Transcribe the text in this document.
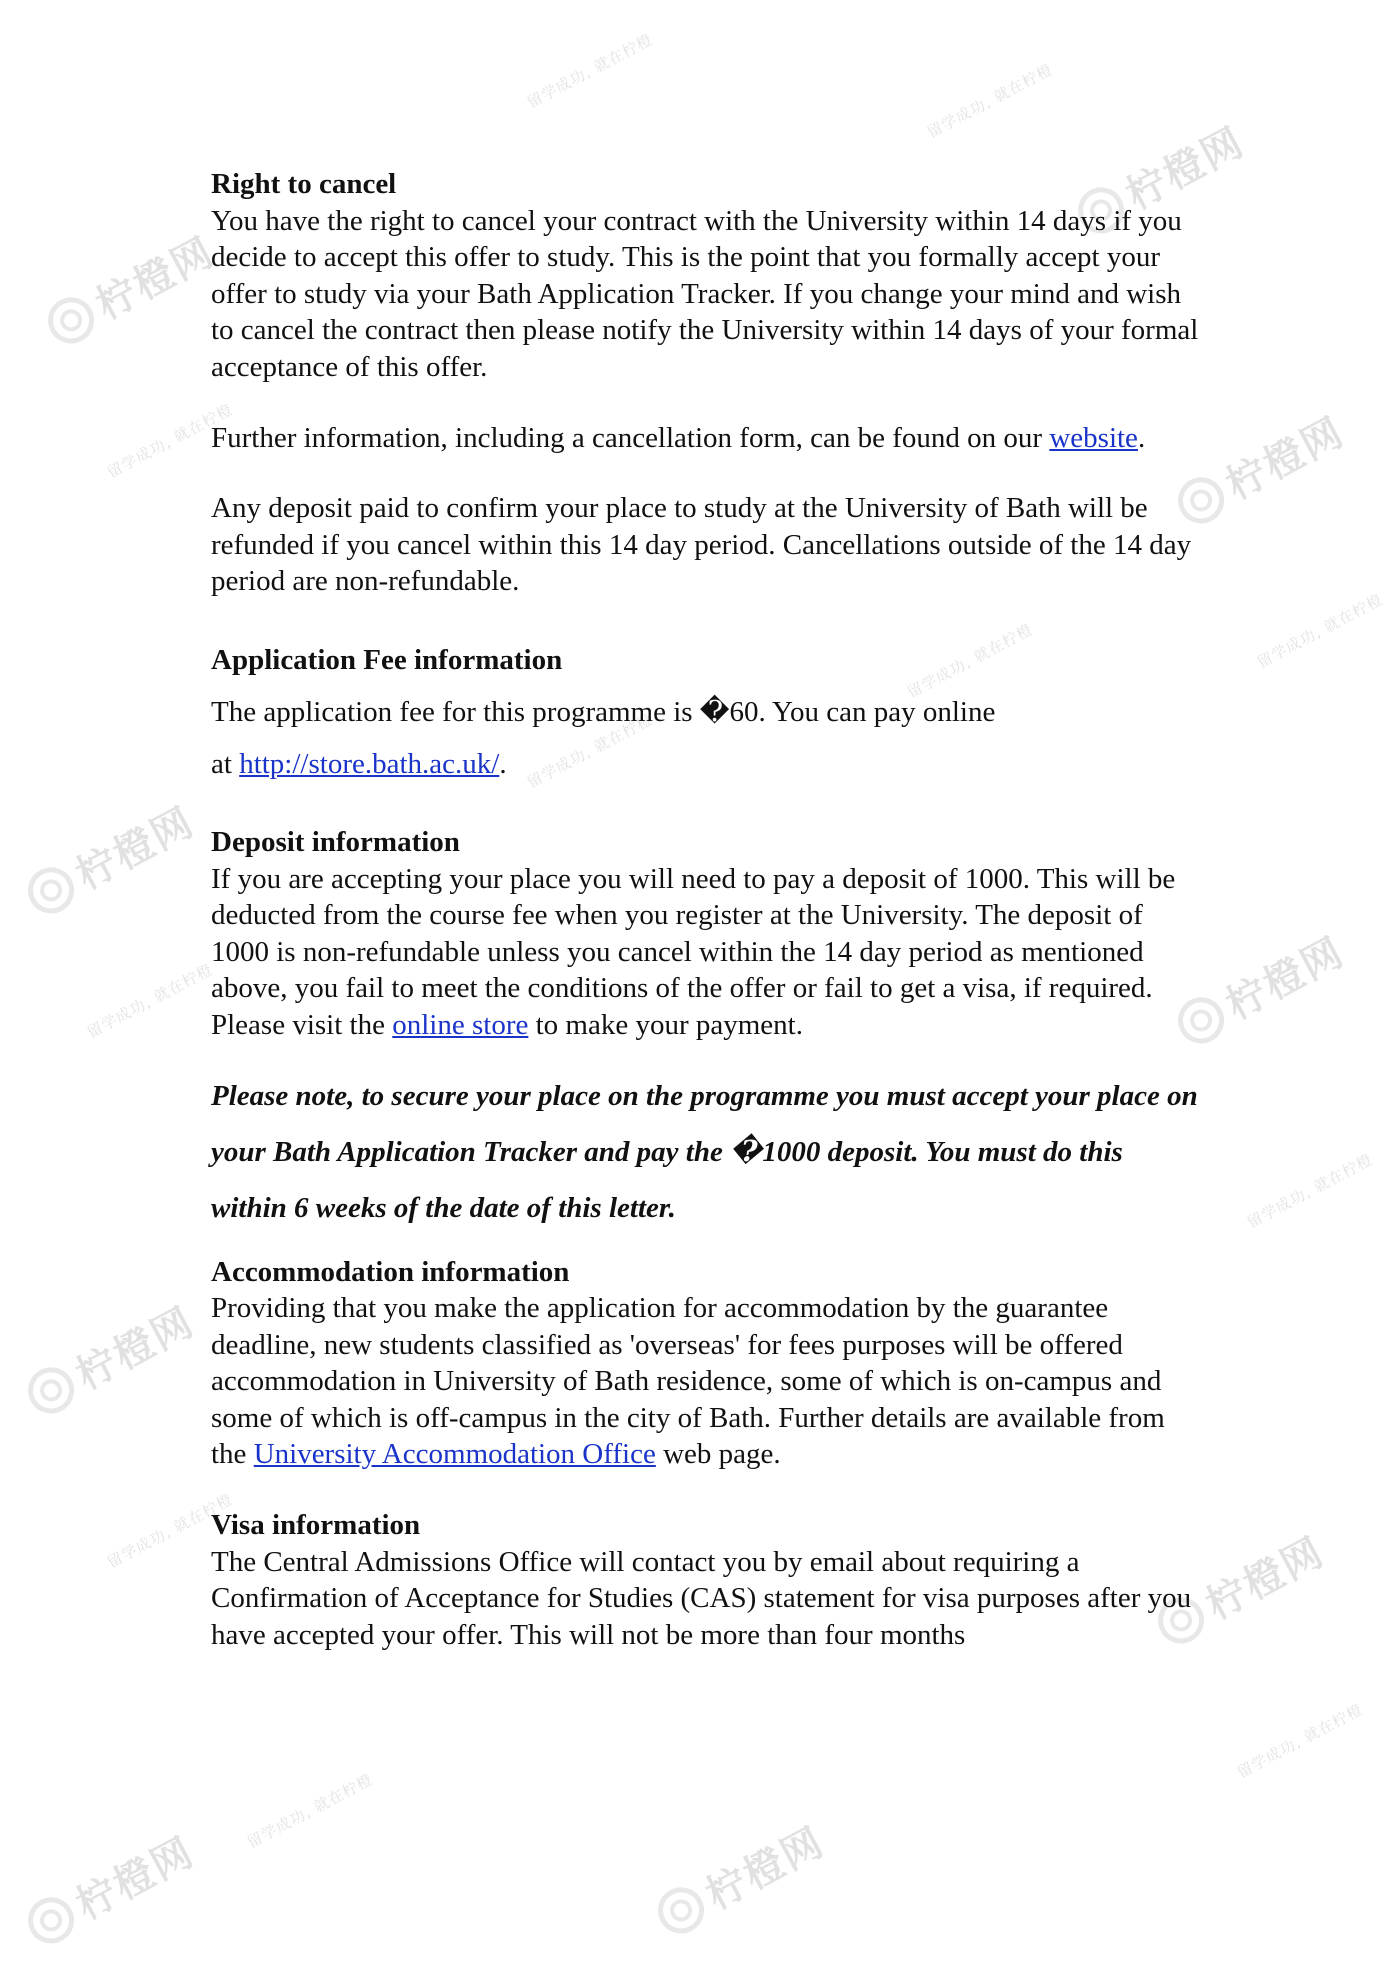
柠橙网
柠橙网
柠橙网
柠橙网
柠橙网
柠橙网
柠橙网
柠橙网
柠橙网
留学成功, 就在柠橙	留学成功, 就在柠橙
留学成功, 就在柠橙
留学成功, 就在柠橙
留学成功, 就在柠橙
留学成功, 就在柠橙
留学成功, 就在柠橙
留学成功, 就在柠橙
留学成功, 就在柠橙
留学成功, 就在柠橙
留学成功, 就在柠橙
Right to cancel

You have the right to cancel your contract with the University within 14 days if you decide to accept this offer to study. This is the point that you formally accept your offer to study via your Bath Application Tracker. If you change your mind and wish to cancel the contract then please notify the University within 14 days of your formal acceptance of this offer.

Further information, including a cancellation form, can be found on our website.

Any deposit paid to confirm your place to study at the University of Bath will be refunded if you cancel within this 14 day period. Cancellations outside of the 14 day period are non-refundable.

Application Fee information

The application fee for this programme is �60. You can pay online

at http://store.bath.ac.uk/.

Deposit information

If you are accepting your place you will need to pay a deposit of 1000. This will be deducted from the course fee when you register at the University. The deposit of 1000 is non-refundable unless you cancel within the 14 day period as mentioned above, you fail to meet the conditions of the offer or fail to get a visa, if required. Please visit the online store to make your payment.

Please note, to secure your place on the programme you must accept your place on your Bath Application Tracker and pay the �1000 deposit. You must do this within 6 weeks of the date of this letter.

Accommodation information

Providing that you make the application for accommodation by the guarantee deadline, new students classified as 'overseas' for fees purposes will be offered accommodation in University of Bath residence, some of which is on-campus and some of which is off-campus in the city of Bath. Further details are available from the University Accommodation Office web page.

Visa information

The Central Admissions Office will contact you by email about requiring a Confirmation of Acceptance for Studies (CAS) statement for visa purposes after you have accepted your offer. This will not be more than four months
